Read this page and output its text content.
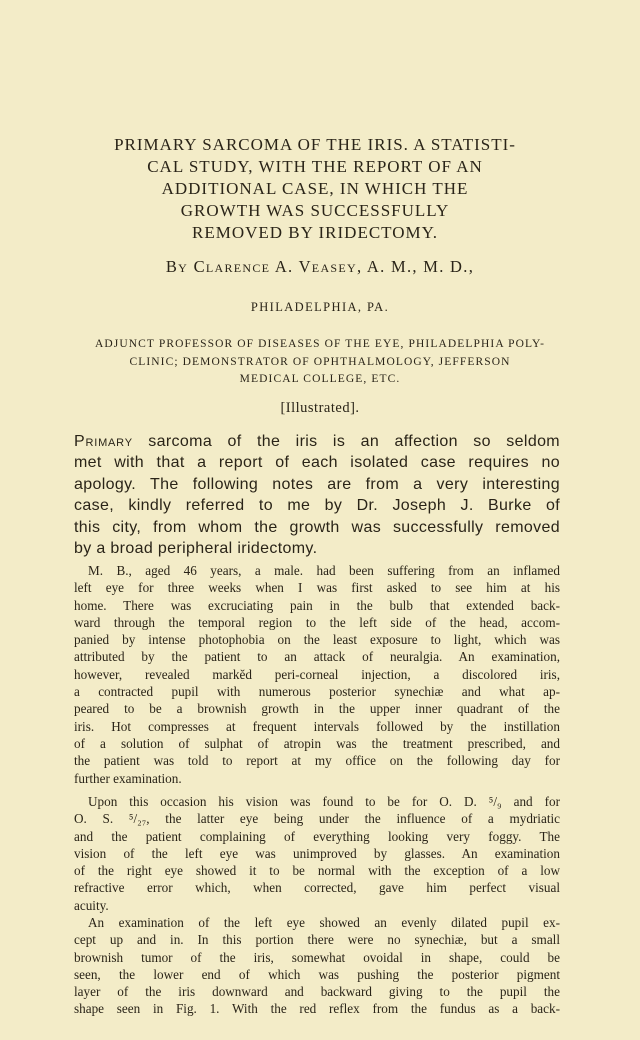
PRIMARY SARCOMA OF THE IRIS. A STATISTI-
CAL STUDY, WITH THE REPORT OF AN
ADDITIONAL CASE, IN WHICH THE
GROWTH WAS SUCCESSFULLY
REMOVED BY IRIDECTOMY.
By Clarence A. Veasey, A. M., M. D.,
PHILADELPHIA, PA.
ADJUNCT PROFESSOR OF DISEASES OF THE EYE, PHILADELPHIA POLY-
CLINIC; DEMONSTRATOR OF OPHTHALMOLOGY, JEFFERSON
MEDICAL COLLEGE, ETC.
[Illustrated].
Primary sarcoma of the iris is an affection so seldom
met with that a report of each isolated case requires no
apology. The following notes are from a very interesting
case, kindly referred to me by Dr. Joseph J. Burke of
this city, from whom the growth was successfully removed
by a broad peripheral iridectomy.
M. B., aged 46 years, a male. had been suffering from an inflamed
left eye for three weeks when I was first asked to see him at his
home. There was excruciating pain in the bulb that extended back-
ward through the temporal region to the left side of the head, accom-
panied by intense photophobia on the least exposure to light, which was
attributed by the patient to an attack of neuralgia. An examination,
however, revealed markĕd peri-corneal injection, a discolored iris,
a contracted pupil with numerous posterior synechiæ and what ap-
peared to be a brownish growth in the upper inner quadrant of the
iris. Hot compresses at frequent intervals followed by the instillation
of a solution of sulphat of atropin was the treatment prescribed, and
the patient was told to report at my office on the following day for
further examination.
Upon this occasion his vision was found to be for O. D. ⁵/₉ and for
O. S. ⁵/₂₇, the latter eye being under the influence of a mydriatic
and the patient complaining of everything looking very foggy. The
vision of the left eye was unimproved by glasses. An examination
of the right eye showed it to be normal with the exception of a low
refractive error which, when corrected, gave him perfect visual
acuity.
An examination of the left eye showed an evenly dilated pupil ex-
cept up and in. In this portion there were no synechiæ, but a small
brownish tumor of the iris, somewhat ovoidal in shape, could be
seen, the lower end of which was pushing the posterior pigment
layer of the iris downward and backward giving to the pupil the
shape seen in Fig. 1. With the red reflex from the fundus as a back-
